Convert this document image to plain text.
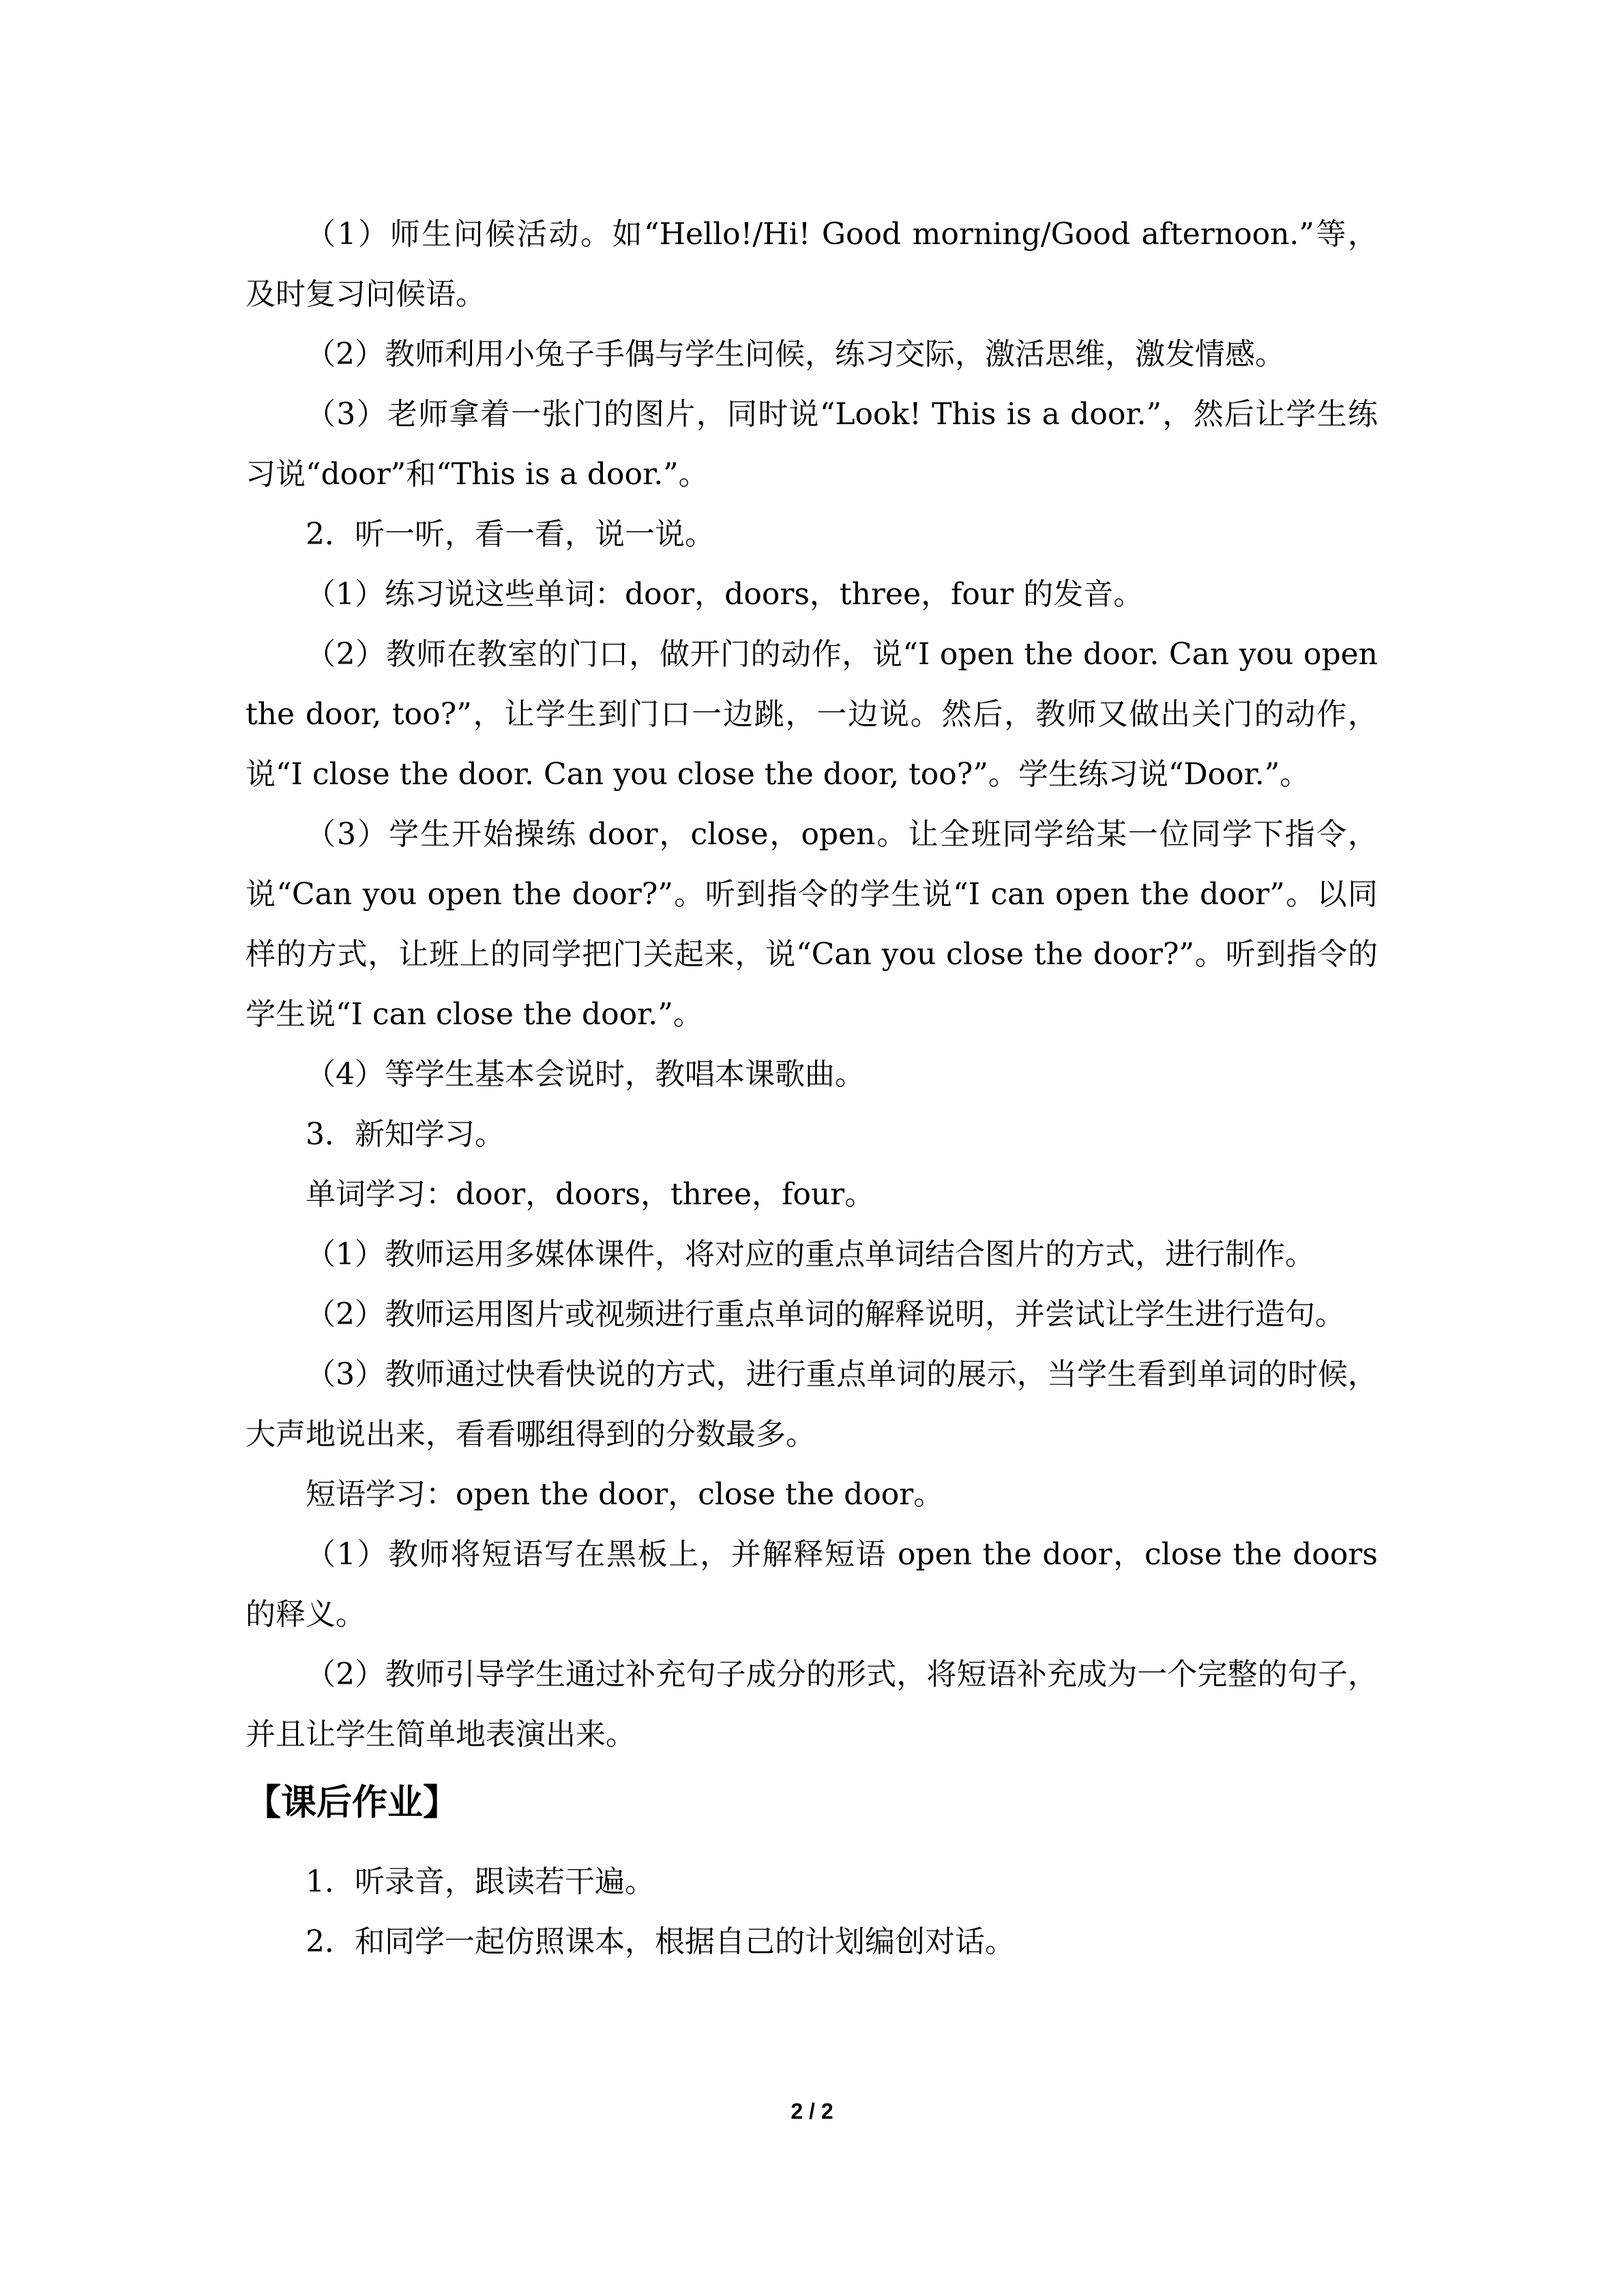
（1）师生问候活动。如“Hello!/Hi! Good morning/Good afternoon.”等，及时复习问候语。

（2）教师利用小兔子手偶与学生问候，练习交际，激活思维，激发情感。

（3）老师拿着一张门的图片，同时说“Look! This is a door.”，然后让学生练习说“door”和“This is a door.”。

2．听一听，看一看，说一说。

（1）练习说这些单词：door，doors，three，four 的发音。

（2）教师在教室的门口，做开门的动作，说“I open the door. Can you open the door, too?”，让学生到门口一边跳，一边说。然后，教师又做出关门的动作，说“I close the door. Can you close the door, too?”。学生练习说“Door.”。

（3）学生开始操练 door，close，open。让全班同学给某一位同学下指令，说“Can you open the door?”。听到指令的学生说“I can open the door”。以同样的方式，让班上的同学把门关起来，说“Can you close the door?”。听到指令的学生说“I can close the door.”。

（4）等学生基本会说时，教唱本课歌曲。

3．新知学习。

单词学习：door，doors，three，four。

（1）教师运用多媒体课件，将对应的重点单词结合图片的方式，进行制作。

（2）教师运用图片或视频进行重点单词的解释说明，并尝试让学生进行造句。

（3）教师通过快看快说的方式，进行重点单词的展示，当学生看到单词的时候，大声地说出来，看看哪组得到的分数最多。

短语学习：open the door，close the door。

（1）教师将短语写在黑板上，并解释短语 open the door，close the doors 的释义。

（2）教师引导学生通过补充句子成分的形式，将短语补充成为一个完整的句子，并且让学生简单地表演出来。

【课后作业】

1．听录音，跟读若干遍。

2．和同学一起仿照课本，根据自己的计划编创对话。

2 / 2
